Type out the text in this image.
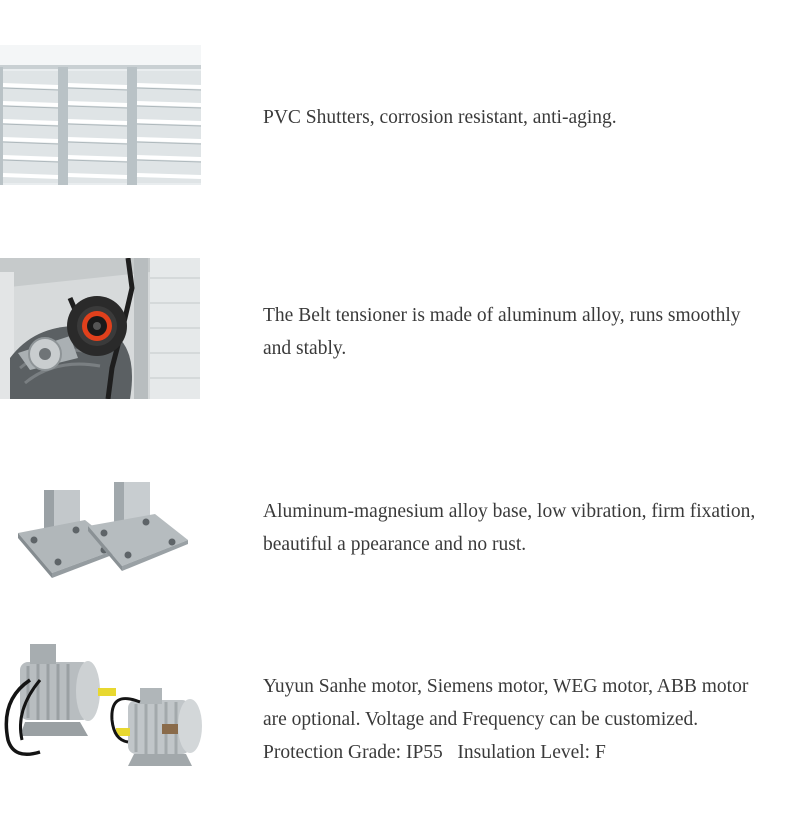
PVC Shutters, corrosion resistant, anti-aging.
The Belt tensioner is made of aluminum alloy, runs smoothly
and stably.
Aluminum-magnesium alloy base, low vibration, firm fixation,
beautiful a ppearance and no rust.
Yuyun Sanhe motor, Siemens motor, WEG motor, ABB motor
are optional. Voltage and Frequency can be customized.
Protection Grade: IP55   Insulation Level: F
